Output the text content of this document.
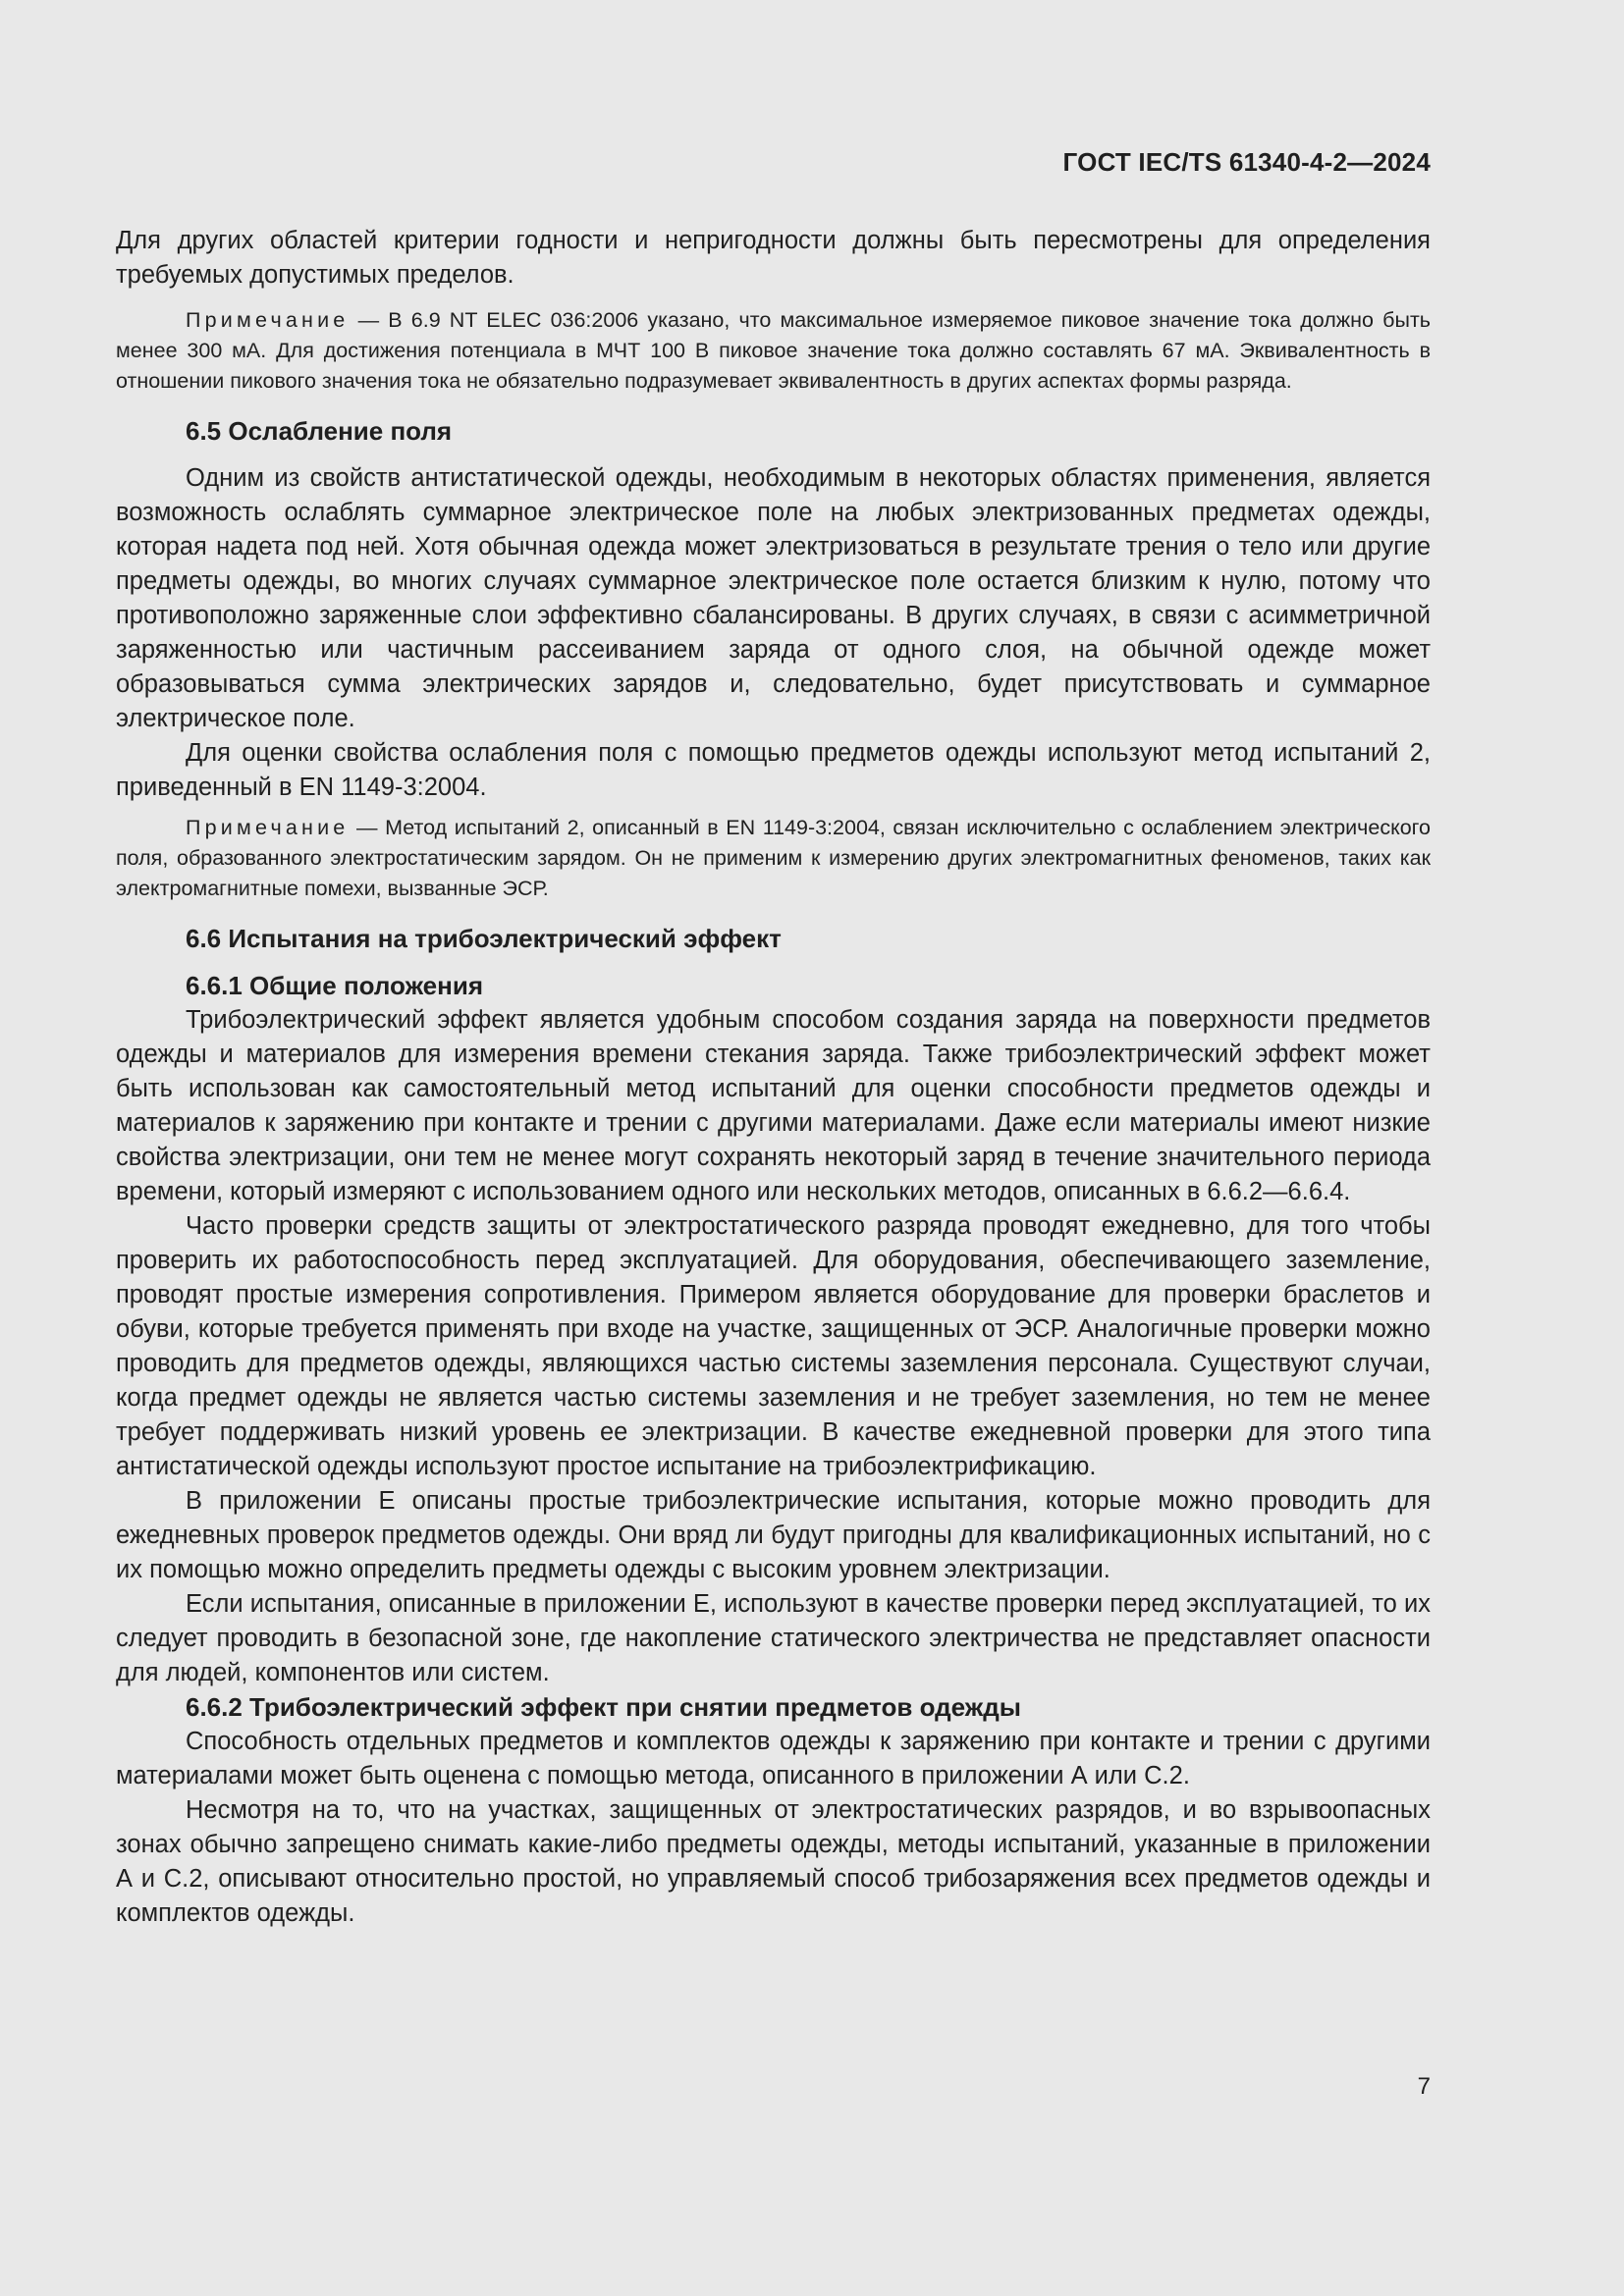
ГОСТ IEC/TS 61340-4-2—2024

Для других областей критерии годности и непригодности должны быть пересмотрены для определения требуемых допустимых пределов.

Примечание — В 6.9 NT ELEC 036:2006 указано, что максимальное измеряемое пиковое значение тока должно быть менее 300 мА. Для достижения потенциала в МЧТ 100 В пиковое значение тока должно составлять 67 мА. Эквивалентность в отношении пикового значения тока не обязательно подразумевает эквивалентность в других аспектах формы разряда.

6.5 Ослабление поля

Одним из свойств антистатической одежды, необходимым в некоторых областях применения, является возможность ослаблять суммарное электрическое поле на любых электризованных предметах одежды, которая надета под ней. Хотя обычная одежда может электризоваться в результате трения о тело или другие предметы одежды, во многих случаях суммарное электрическое поле остается близким к нулю, потому что противоположно заряженные слои эффективно сбалансированы. В других случаях, в связи с асимметричной заряженностью или частичным рассеиванием заряда от одного слоя, на обычной одежде может образовываться сумма электрических зарядов и, следовательно, будет присутствовать и суммарное электрическое поле.

Для оценки свойства ослабления поля с помощью предметов одежды используют метод испытаний 2, приведенный в EN 1149-3:2004.

Примечание — Метод испытаний 2, описанный в EN 1149-3:2004, связан исключительно с ослаблением электрического поля, образованного электростатическим зарядом. Он не применим к измерению других электромагнитных феноменов, таких как электромагнитные помехи, вызванные ЭСР.

6.6 Испытания на трибоэлектрический эффект

6.6.1 Общие положения

Трибоэлектрический эффект является удобным способом создания заряда на поверхности предметов одежды и материалов для измерения времени стекания заряда. Также трибоэлектрический эффект может быть использован как самостоятельный метод испытаний для оценки способности предметов одежды и материалов к заряжению при контакте и трении с другими материалами. Даже если материалы имеют низкие свойства электризации, они тем не менее могут сохранять некоторый заряд в течение значительного периода времени, который измеряют с использованием одного или нескольких методов, описанных в 6.6.2—6.6.4.

Часто проверки средств защиты от электростатического разряда проводят ежедневно, для того чтобы проверить их работоспособность перед эксплуатацией. Для оборудования, обеспечивающего заземление, проводят простые измерения сопротивления. Примером является оборудование для проверки браслетов и обуви, которые требуется применять при входе на участке, защищенных от ЭСР. Аналогичные проверки можно проводить для предметов одежды, являющихся частью системы заземления персонала. Существуют случаи, когда предмет одежды не является частью системы заземления и не требует заземления, но тем не менее требует поддерживать низкий уровень ее электризации. В качестве ежедневной проверки для этого типа антистатической одежды используют простое испытание на трибоэлектрификацию.

В приложении Е описаны простые трибоэлектрические испытания, которые можно проводить для ежедневных проверок предметов одежды. Они вряд ли будут пригодны для квалификационных испытаний, но с их помощью можно определить предметы одежды с высоким уровнем электризации.

Если испытания, описанные в приложении Е, используют в качестве проверки перед эксплуатацией, то их следует проводить в безопасной зоне, где накопление статического электричества не представляет опасности для людей, компонентов или систем.

6.6.2 Трибоэлектрический эффект при снятии предметов одежды

Способность отдельных предметов и комплектов одежды к заряжению при контакте и трении с другими материалами может быть оценена с помощью метода, описанного в приложении А или С.2.

Несмотря на то, что на участках, защищенных от электростатических разрядов, и во взрывоопасных зонах обычно запрещено снимать какие-либо предметы одежды, методы испытаний, указанные в приложении А и С.2, описывают относительно простой, но управляемый способ трибозаряжения всех предметов одежды и комплектов одежды.

7
